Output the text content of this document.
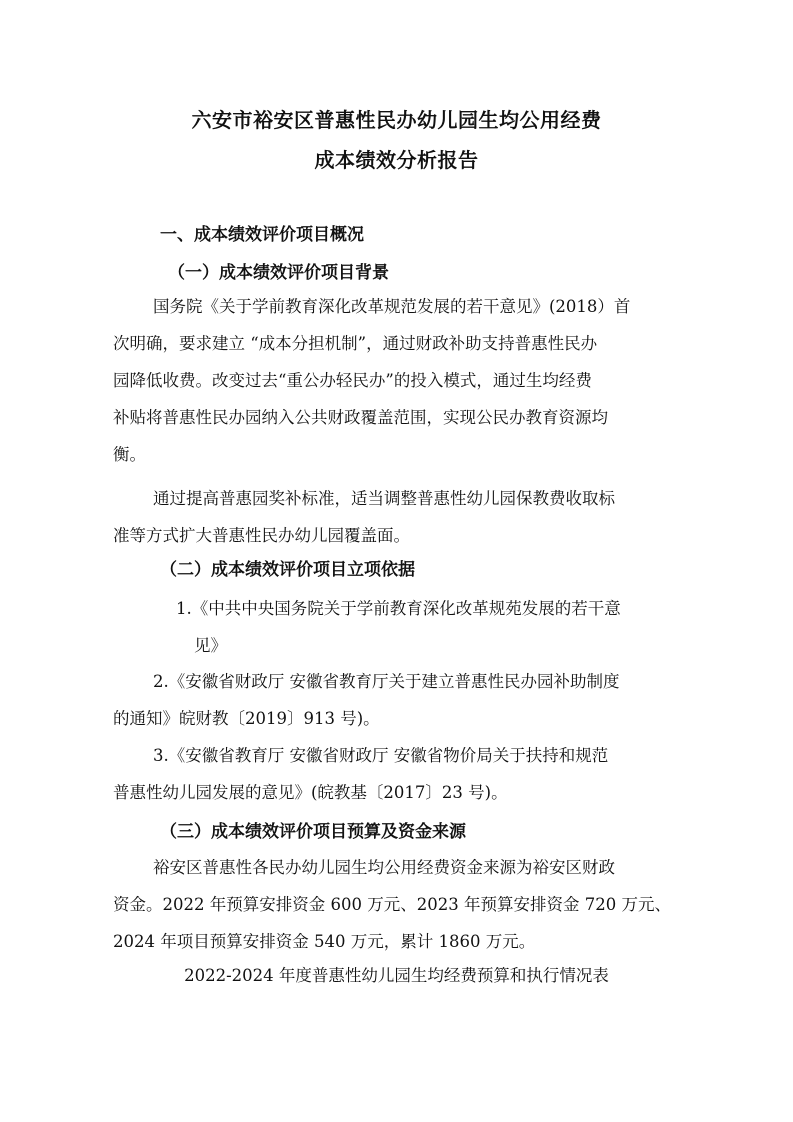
六安市裕安区普惠性民办幼儿园生均公用经费
成本绩效分析报告
一、成本绩效评价项目概况
（一）成本绩效评价项目背景
国务院《关于学前教育深化改革规范发展的若干意见》(2018）首
次明确，要求建立 “成本分担机制”，通过财政补助支持普惠性民办
园降低收费。改变过去“重公办轻民办”的投入模式，通过生均经费
补贴将普惠性民办园纳入公共财政覆盖范围，实现公民办教育资源均
衡。
通过提高普惠园奖补标准，适当调整普惠性幼儿园保教费收取标
准等方式扩大普惠性民办幼儿园覆盖面。
（二）成本绩效评价项目立项依据
1.《中共中央国务院关于学前教育深化改革规苑发展的若干意
见》
2.《安徽省财政厅 安徽省教育厅关于建立普惠性民办园补助制度
的通知》皖财教〔2019〕913 号)。
3.《安徽省教育厅 安徽省财政厅 安徽省物价局关于扶持和规范
普惠性幼儿园发展的意见》(皖教基〔2017〕23 号)。
（三）成本绩效评价项目预算及资金来源
裕安区普惠性各民办幼儿园生均公用经费资金来源为裕安区财政
资金。2022 年预算安排资金 600 万元、2023 年预算安排资金 720 万元、
2024 年项目预算安排资金 540 万元，累计 1860 万元。
2022-2024 年度普惠性幼儿园生均经费预算和执行情况表
